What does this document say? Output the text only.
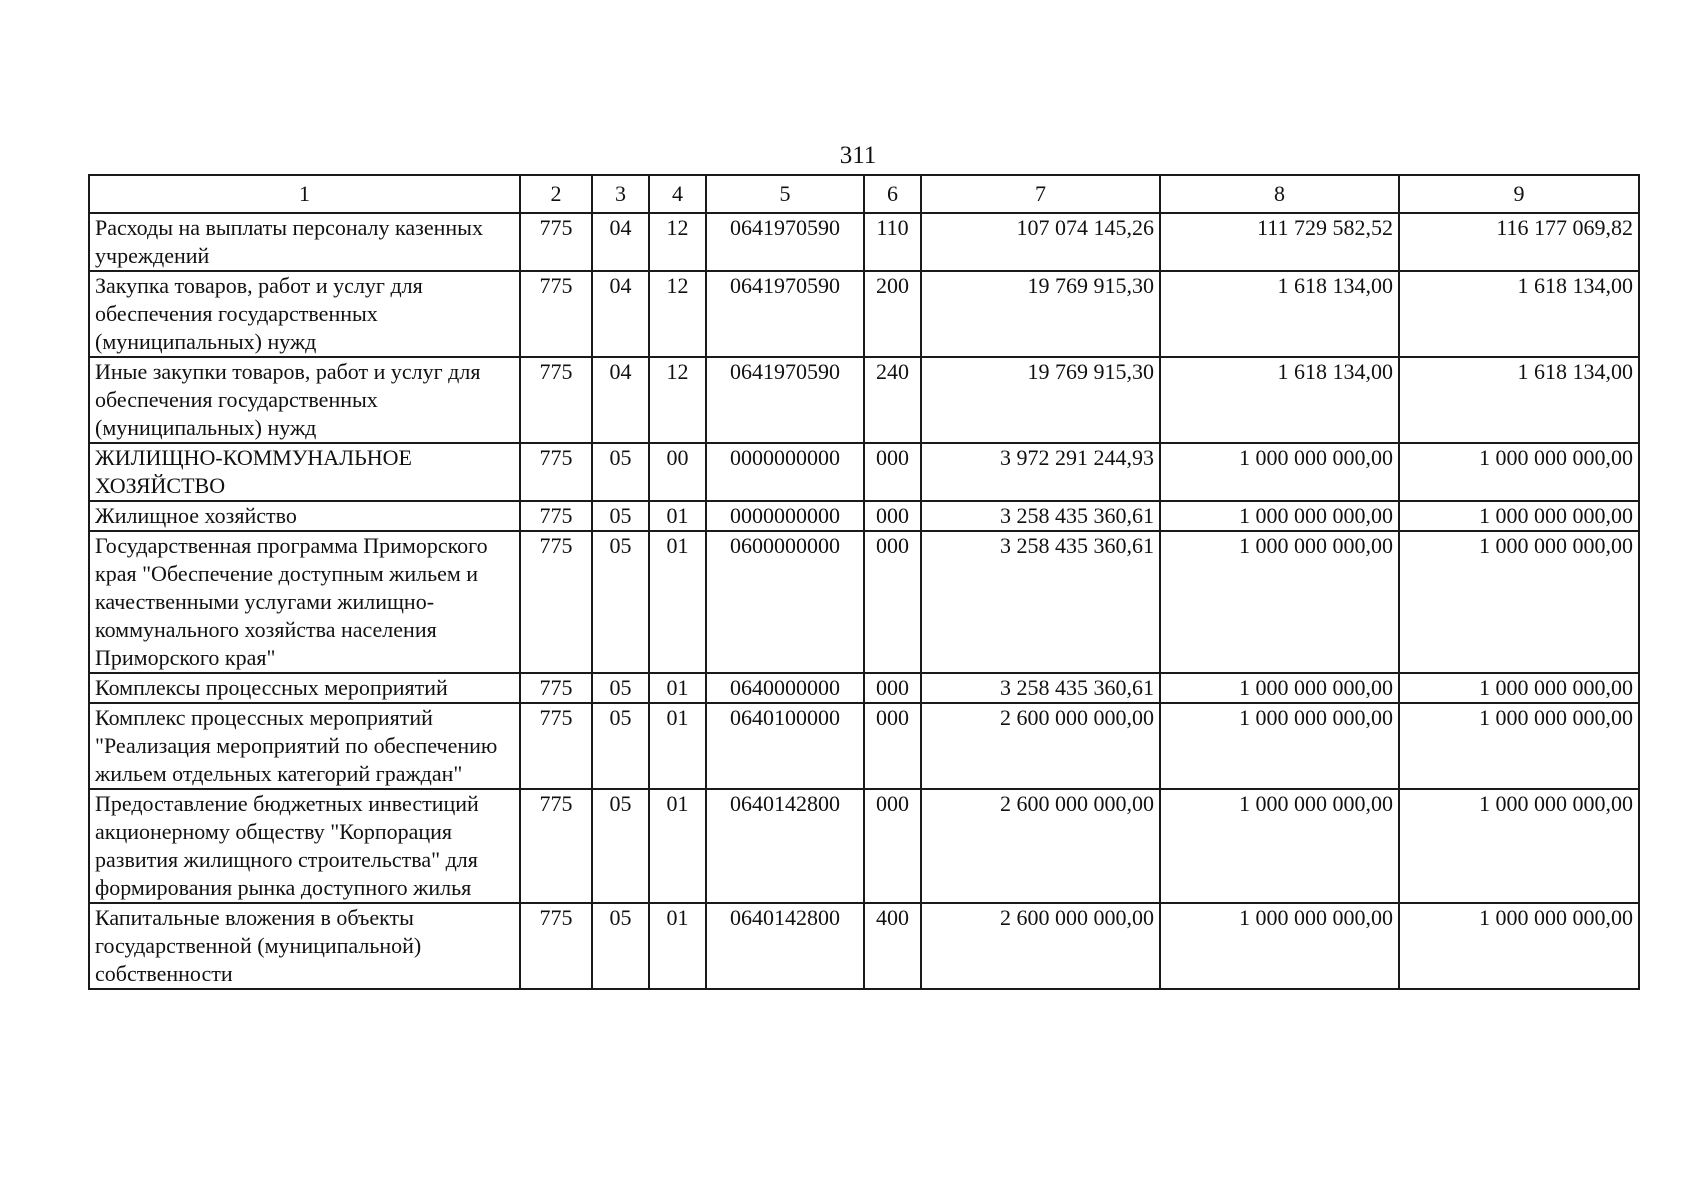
311
1	2	3	4	5	6	7	8	9
Расходы на выплаты персоналу казенных учреждений	775	04	12	0641970590	110	107 074 145,26	111 729 582,52	116 177 069,82
Закупка товаров, работ и услуг для обеспечения государственных (муниципальных) нужд	775	04	12	0641970590	200	19 769 915,30	1 618 134,00	1 618 134,00
Иные закупки товаров, работ и услуг для обеспечения государственных (муниципальных) нужд	775	04	12	0641970590	240	19 769 915,30	1 618 134,00	1 618 134,00
ЖИЛИЩНО-КОММУНАЛЬНОЕ ХОЗЯЙСТВО	775	05	00	0000000000	000	3 972 291 244,93	1 000 000 000,00	1 000 000 000,00
Жилищное хозяйство	775	05	01	0000000000	000	3 258 435 360,61	1 000 000 000,00	1 000 000 000,00
Государственная программа Приморского края "Обеспечение доступным жильем и качественными услугами жилищно-коммунального хозяйства населения Приморского края"	775	05	01	0600000000	000	3 258 435 360,61	1 000 000 000,00	1 000 000 000,00
Комплексы процессных мероприятий	775	05	01	0640000000	000	3 258 435 360,61	1 000 000 000,00	1 000 000 000,00
Комплекс процессных мероприятий "Реализация мероприятий по обеспечению жильем отдельных категорий граждан"	775	05	01	0640100000	000	2 600 000 000,00	1 000 000 000,00	1 000 000 000,00
Предоставление бюджетных инвестиций акционерному обществу "Корпорация развития жилищного строительства" для формирования рынка доступного жилья	775	05	01	0640142800	000	2 600 000 000,00	1 000 000 000,00	1 000 000 000,00
Капитальные вложения в объекты государственной (муниципальной) собственности	775	05	01	0640142800	400	2 600 000 000,00	1 000 000 000,00	1 000 000 000,00
